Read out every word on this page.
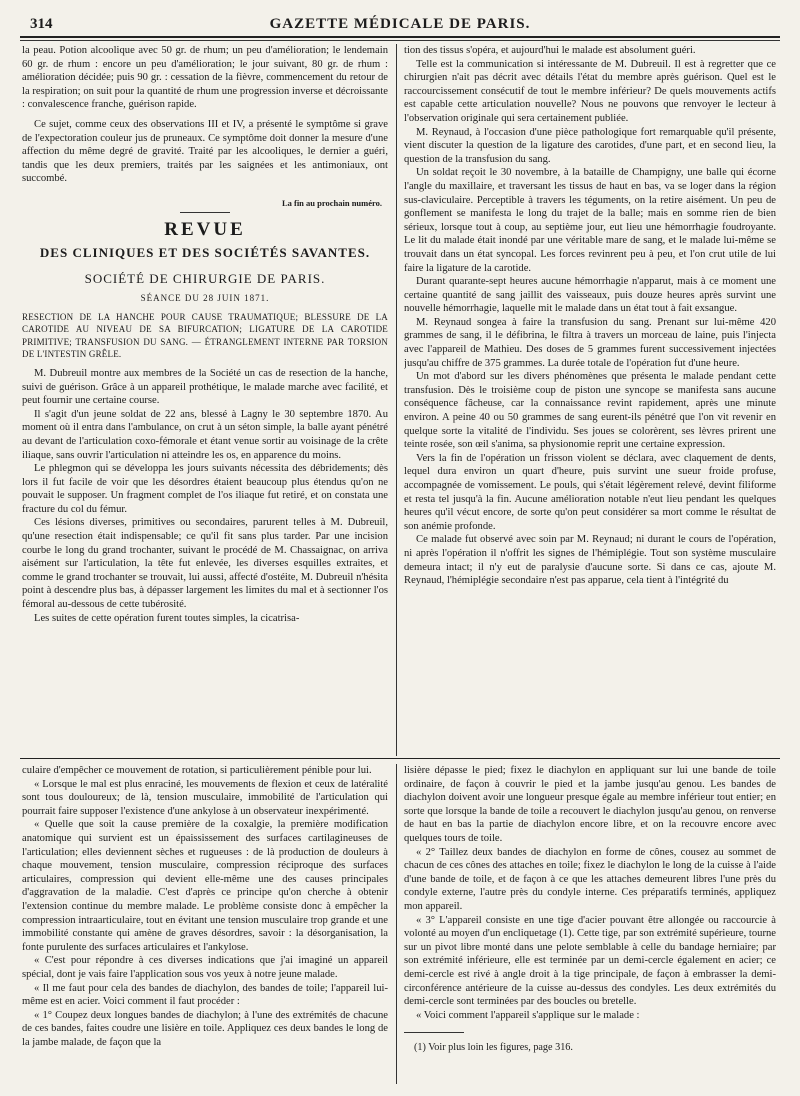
314	GAZETTE MÉDICALE DE PARIS.

la peau. Potion alcoolique avec 50 gr. de rhum; un peu d'amélioration; le lendemain 60 gr. de rhum : encore un peu d'amélioration; le jour suivant, 80 gr. de rhum : amélioration décidée; puis 90 gr. : cessation de la fièvre, commencement du retour de la respiration; on suit pour la quantité de rhum une progression inverse et décroissante : convalescence franche, guérison rapide.

Ce sujet, comme ceux des observations III et IV, a présenté le symptôme si grave de l'expectoration couleur jus de pruneaux. Ce symptôme doit donner la mesure d'une affection du même degré de gravité. Traité par les alcooliques, le dernier a guéri, tandis que les deux premiers, traités par les saignées et les antimoniaux, ont succombé.

La fin au prochain numéro.
REVUE
DES CLINIQUES ET DES SOCIÉTÉS SAVANTES.
SOCIÉTÉ DE CHIRURGIE DE PARIS.
SÉANCE DU 28 JUIN 1871.
RESECTION DE LA HANCHE POUR CAUSE TRAUMATIQUE; BLESSURE DE LA CAROTIDE AU NIVEAU DE SA BIFURCATION; LIGATURE DE LA CAROTIDE PRIMITIVE; TRANSFUSION DU SANG. — ÉTRANGLEMENT INTERNE PAR TORSION DE L'INTESTIN GRÊLE.

M. Dubreuil montre aux membres de la Société un cas de resection de la hanche, suivi de guérison. Grâce à un appareil prothétique, le malade marche avec facilité, et peut fournir une certaine course.

Il s'agit d'un jeune soldat de 22 ans, blessé à Lagny le 30 septembre 1870. Au moment où il entra dans l'ambulance, on crut à un séton simple, la balle ayant pénétré au devant de l'articulation coxo-fémorale et étant venue sortir au voisinage de la crête iliaque, sans ouvrir l'articulation ni atteindre les os, en apparence du moins.

Le phlegmon qui se développa les jours suivants nécessita des débridements; dès lors il fut facile de voir que les désordres étaient beaucoup plus étendus qu'on ne pouvait le supposer. Un fragment complet de l'os iliaque fut retiré, et on constata une fracture du col du fémur.

Ces lésions diverses, primitives ou secondaires, parurent telles à M. Dubreuil, qu'une resection était indispensable; ce qu'il fit sans plus tarder. Par une incision courbe le long du grand trochanter, suivant le procédé de M. Chassaignac, on arriva aisément sur l'articulation, la tête fut enlevée, les diverses esquilles extraites, et comme le grand trochanter se trouvait, lui aussi, affecté d'ostéite, M. Dubreuil n'hésita point à descendre plus bas, à dépasser largement les limites du mal et à sectionner l'os fémoral au-dessous de cette tubérosité.

Les suites de cette opération furent toutes simples, la cicatrisa-

tion des tissus s'opéra, et aujourd'hui le malade est absolument guéri.

Telle est la communication si intéressante de M. Dubreuil. Il est à regretter que ce chirurgien n'ait pas décrit avec détails l'état du membre après guérison. Quel est le raccourcissement consécutif de tout le membre inférieur? De quels mouvements actifs est capable cette articulation nouvelle? Nous ne pouvons que renvoyer le lecteur à l'observation originale qui sera certainement publiée.

M. Reynaud, à l'occasion d'une pièce pathologique fort remarquable qu'il présente, vient discuter la question de la ligature des carotides, d'une part, et en second lieu, la question de la transfusion du sang.

Un soldat reçoit le 30 novembre, à la bataille de Champigny, une balle qui écorne l'angle du maxillaire, et traversant les tissus de haut en bas, va se loger dans la région sus-claviculaire. Perceptible à travers les téguments, on la retire aisément. Un peu de gonflement se manifesta le long du trajet de la balle; mais en somme rien de bien sérieux, lorsque tout à coup, au septième jour, eut lieu une hémorrhagie foudroyante. Le lit du malade était inondé par une véritable mare de sang, et le malade lui-même se trouvait dans un état syncopal. Les forces revinrent peu à peu, et l'on crut utile de lui faire la ligature de la carotide.

Durant quarante-sept heures aucune hémorrhagie n'apparut, mais à ce moment une certaine quantité de sang jaillit des vaisseaux, puis douze heures après survint une nouvelle hémorrhagie, laquelle mit le malade dans un état tout à fait exsangue.

M. Reynaud songea à faire la transfusion du sang. Prenant sur lui-même 420 grammes de sang, il le défibrina, le filtra à travers un morceau de laine, puis l'injecta avec l'appareil de Mathieu. Des doses de 5 grammes furent successivement injectées jusqu'au chiffre de 375 grammes. La durée totale de l'opération fut d'une heure.

Un mot d'abord sur les divers phénomènes que présenta le malade pendant cette transfusion. Dès le troisième coup de piston une syncope se manifesta sans aucune conséquence fâcheuse, car la connaissance revint rapidement, après une minute environ. A peine 40 ou 50 grammes de sang eurent-ils pénétré que l'on vit revenir en quelque sorte la vitalité de l'individu. Ses joues se colorèrent, ses lèvres prirent une teinte rosée, son œil s'anima, sa physionomie reprit une certaine expression.

Vers la fin de l'opération un frisson violent se déclara, avec claquement de dents, lequel dura environ un quart d'heure, puis survint une sueur froide profuse, accompagnée de vomissement. Le pouls, qui s'était légèrement relevé, devint filiforme et resta tel jusqu'à la fin. Aucune amélioration notable n'eut lieu pendant les quelques heures qu'il vécut encore, de sorte qu'on peut considérer sa mort comme le résultat de son anémie profonde.

Ce malade fut observé avec soin par M. Reynaud; ni durant le cours de l'opération, ni après l'opération il n'offrit les signes de l'hémiplégie. Tout son système musculaire demeura intact; il n'y eut de paralysie d'aucune sorte. Si dans ce cas, ajoute M. Reynaud, l'hémiplégie secondaire n'est pas apparue, cela tient à l'intégrité du

culaire d'empêcher ce mouvement de rotation, si particulièrement pénible pour lui.

« Lorsque le mal est plus enraciné, les mouvements de flexion et ceux de latéralité sont tous douloureux; de là, tension musculaire, immobilité de l'articulation qui pourrait faire supposer l'existence d'une ankylose à un observateur inexpérimenté.

« Quelle que soit la cause première de la coxalgie, la première modification anatomique qui survient est un épaississement des surfaces cartilagineuses de l'articulation; elles deviennent sèches et rugueuses : de là production de douleurs à chaque mouvement, tension musculaire, compression réciproque des surfaces articulaires, compression qui devient elle-même une des causes principales d'aggravation de la maladie. C'est d'après ce principe qu'on cherche à obtenir l'extension continue du membre malade. Le problème consiste donc à empêcher la compression intraarticulaire, tout en évitant une tension musculaire trop grande et une immobilité constante qui amène de graves désordres, savoir : la désorganisation, la fonte purulente des surfaces articulaires et l'ankylose.

« C'est pour répondre à ces diverses indications que j'ai imaginé un appareil spécial, dont je vais faire l'application sous vos yeux à notre jeune malade.

« Il me faut pour cela des bandes de diachylon, des bandes de toile; l'appareil lui-même est en acier. Voici comment il faut procéder :

« 1° Coupez deux longues bandes de diachylon; à l'une des extrémités de chacune de ces bandes, faites coudre une lisière en toile. Appliquez ces deux bandes le long de la jambe malade, de façon que la

lisière dépasse le pied; fixez le diachylon en appliquant sur lui une bande de toile ordinaire, de façon à couvrir le pied et la jambe jusqu'au genou. Les bandes de diachylon doivent avoir une longueur presque égale au membre inférieur tout entier; en sorte que lorsque la bande de toile a recouvert le diachylon jusqu'au genou, on renverse de haut en bas la partie de diachylon encore libre, et on la recouvre encore avec quelques tours de toile.

« 2° Taillez deux bandes de diachylon en forme de cônes, cousez au sommet de chacun de ces cônes des attaches en toile; fixez le diachylon le long de la cuisse à l'aide d'une bande de toile, et de façon à ce que les attaches demeurent libres l'une près du condyle externe, l'autre près du condyle interne. Ces préparatifs terminés, appliquez mon appareil.

« 3° L'appareil consiste en une tige d'acier pouvant être allongée ou raccourcie à volonté au moyen d'un encliquetage (1). Cette tige, par son extrémité supérieure, tourne sur un pivot libre monté dans une pelote semblable à celle du bandage herniaire; par son extrémité inférieure, elle est terminée par un demi-cercle également en acier; ce demi-cercle est rivé à angle droit à la tige principale, de façon à embrasser la demi-circonférence antérieure de la cuisse au-dessus des condyles. Les deux extrémités du demi-cercle sont terminées par des boucles ou bretelle.

« Voici comment l'appareil s'applique sur le malade :

(1) Voir plus loin les figures, page 316.
